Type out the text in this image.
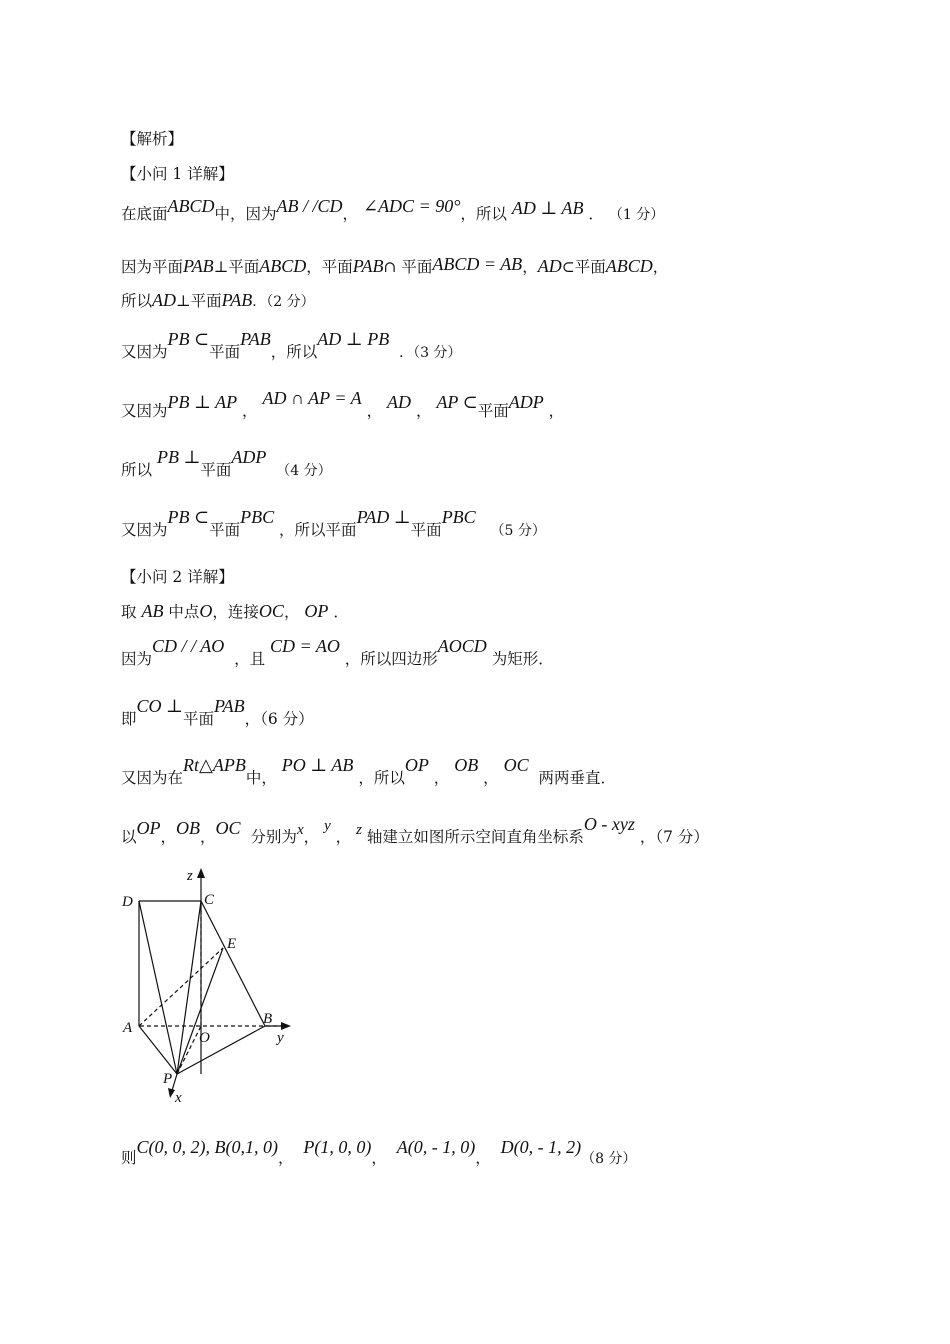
【解析】
【小问 1 详解】
在底面ABCD中，因为AB / /CD， ∠ADC = 90°，所以 AD ⊥ AB ． （1 分）
因为平面PAB⊥平面ABCD，平面PAB∩ 平面ABCD = AB，AD⊂平面ABCD，
所以AD⊥平面PAB．（2 分）
又因为PB ⊂平面PAB，所以AD ⊥ PB  ．（3 分）
又因为PB ⊥ AP ， AD ∩ AP = A ， AD ， AP ⊂平面ADP ，
所以 PB ⊥平面ADP  （4 分）
又因为PB ⊂平面PBC ，所以平面PAD ⊥平面PBC   （5 分）
【小问 2 详解】
取 AB 中点O，连接OC， OP ．
因为CD / / AO  ，且 CD = AO ，所以四边形AOCD 为矩形．
即CO ⊥平面PAB，（6 分）
又因为在Rt△APB中， PO ⊥ AB ，所以OP ， OB ， OC  两两垂直．
以OP，OB，OC 分别为x， y ， z 轴建立如图所示空间直角坐标系O - xyz ，（7 分）
z
C
D
E
A
O
B
y
P
x
则C(0, 0, 2), B(0,1, 0)，  P(1, 0, 0)，  A(0, - 1, 0)，  D(0, - 1, 2)（8 分）
